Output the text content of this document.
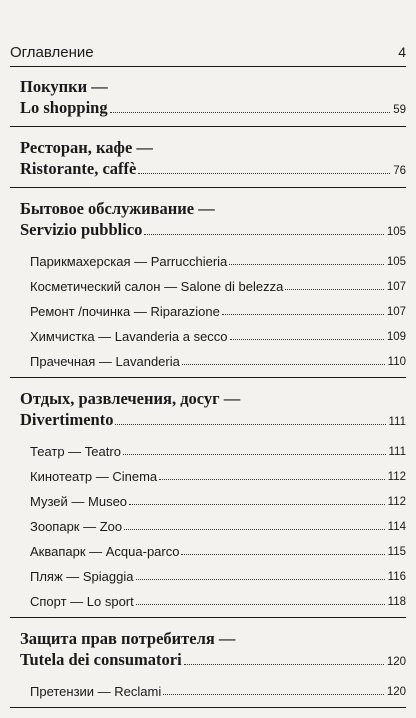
Оглавление	4

Покупки —
Lo shopping	59
Ресторан, кафе —
Ristorante, caffè	76
Бытовое обслуживание —
Servizio pubblico	105
Парикмахерская — Parrucchieria	105
Косметический салон — Salone di belezza	107
Ремонт /починка — Riparazione	107
Химчистка — Lavanderia a secco	109
Прачечная — Lavanderia	110
Отдых, развлечения, досуг —
Divertimento	111
Театр — Teatro	111
Кинотеатр — Cinema	112
Музей — Museo	112
Зоопарк — Zoo	114
Аквапарк — Acqua-parco	115
Пляж — Spiaggia	116
Спорт — Lo sport	118
Защита прав потребителя —
Tutela dei consumatori	120
Претензии — Reclami	120
